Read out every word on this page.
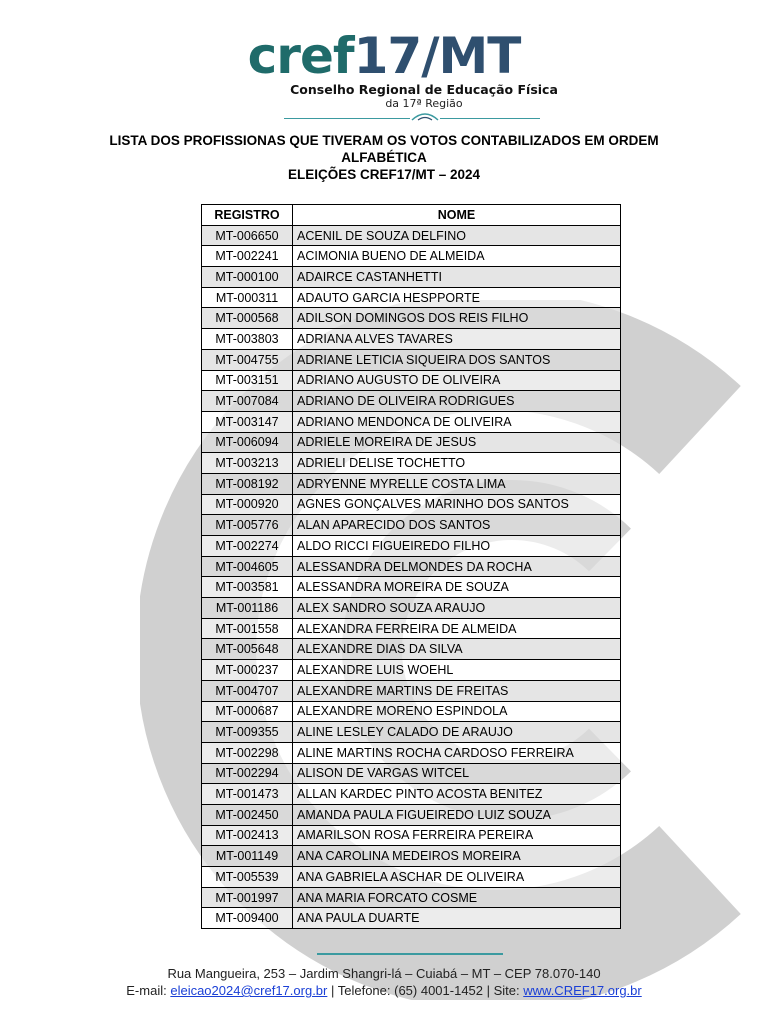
cref17/MT
Conselho Regional de Educação Física
da 17ª Região
LISTA DOS PROFISSIONAS QUE TIVERAM OS VOTOS CONTABILIZADOS EM ORDEM
ALFABÉTICA
ELEIÇÕES CREF17/MT – 2024
REGISTRO	NOME
MT-006650	ACENIL DE SOUZA DELFINO
MT-002241	ACIMONIA BUENO DE ALMEIDA
MT-000100	ADAIRCE CASTANHETTI
MT-000311	ADAUTO GARCIA HESPPORTE
MT-000568	ADILSON DOMINGOS DOS REIS FILHO
MT-003803	ADRIANA ALVES TAVARES
MT-004755	ADRIANE LETICIA SIQUEIRA DOS SANTOS
MT-003151	ADRIANO AUGUSTO DE OLIVEIRA
MT-007084	ADRIANO DE OLIVEIRA RODRIGUES
MT-003147	ADRIANO MENDONCA DE OLIVEIRA
MT-006094	ADRIELE MOREIRA DE JESUS
MT-003213	ADRIELI DELISE TOCHETTO
MT-008192	ADRYENNE MYRELLE COSTA LIMA
MT-000920	AGNES GONÇALVES MARINHO DOS SANTOS
MT-005776	ALAN APARECIDO DOS SANTOS
MT-002274	ALDO RICCI FIGUEIREDO FILHO
MT-004605	ALESSANDRA DELMONDES DA ROCHA
MT-003581	ALESSANDRA MOREIRA DE SOUZA
MT-001186	ALEX SANDRO SOUZA ARAUJO
MT-001558	ALEXANDRA FERREIRA DE ALMEIDA
MT-005648	ALEXANDRE DIAS DA SILVA
MT-000237	ALEXANDRE LUIS WOEHL
MT-004707	ALEXANDRE MARTINS DE FREITAS
MT-000687	ALEXANDRE MORENO ESPINDOLA
MT-009355	ALINE LESLEY CALADO DE ARAUJO
MT-002298	ALINE MARTINS ROCHA CARDOSO FERREIRA
MT-002294	ALISON DE VARGAS WITCEL
MT-001473	ALLAN KARDEC PINTO ACOSTA BENITEZ
MT-002450	AMANDA PAULA FIGUEIREDO LUIZ SOUZA
MT-002413	AMARILSON ROSA FERREIRA PEREIRA
MT-001149	ANA CAROLINA MEDEIROS MOREIRA
MT-005539	ANA GABRIELA ASCHAR DE OLIVEIRA
MT-001997	ANA MARIA FORCATO COSME
MT-009400	ANA PAULA DUARTE
Rua Mangueira, 253 – Jardim Shangri-lá – Cuiabá – MT – CEP 78.070-140
E-mail: eleicao2024@cref17.org.br | Telefone: (65) 4001-1452 | Site: www.CREF17.org.br
